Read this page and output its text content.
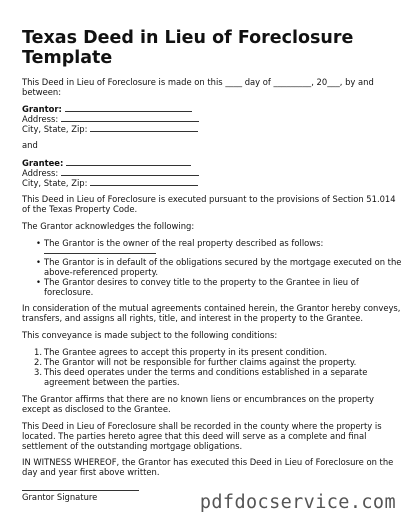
Texas Deed in Lieu of Foreclosure
Template
This Deed in Lieu of Foreclosure is made on this ____ day of _________, 20___, by and
between:
Grantor:
Address:
City, State, Zip:
and
Grantee:
Address:
City, State, Zip:
This Deed in Lieu of Foreclosure is executed pursuant to the provisions of Section 51.014
of the Texas Property Code.
The Grantor acknowledges the following:
• The Grantor is the owner of the real property described as follows:
• The Grantor is in default of the obligations secured by the mortgage executed on the
above-referenced property.
• The Grantor desires to convey title to the property to the Grantee in lieu of
foreclosure.
In consideration of the mutual agreements contained herein, the Grantor hereby conveys,
transfers, and assigns all rights, title, and interest in the property to the Grantee.
This conveyance is made subject to the following conditions:
1. The Grantee agrees to accept this property in its present condition.
2. The Grantor will not be responsible for further claims against the property.
3. This deed operates under the terms and conditions established in a separate
agreement between the parties.
The Grantor affirms that there are no known liens or encumbrances on the property
except as disclosed to the Grantee.
This Deed in Lieu of Foreclosure shall be recorded in the county where the property is
located. The parties hereto agree that this deed will serve as a complete and final
settlement of the outstanding mortgage obligations.
IN WITNESS WHEREOF, the Grantor has executed this Deed in Lieu of Foreclosure on the
day and year first above written.
Grantor Signature	pdfdocservice.com
